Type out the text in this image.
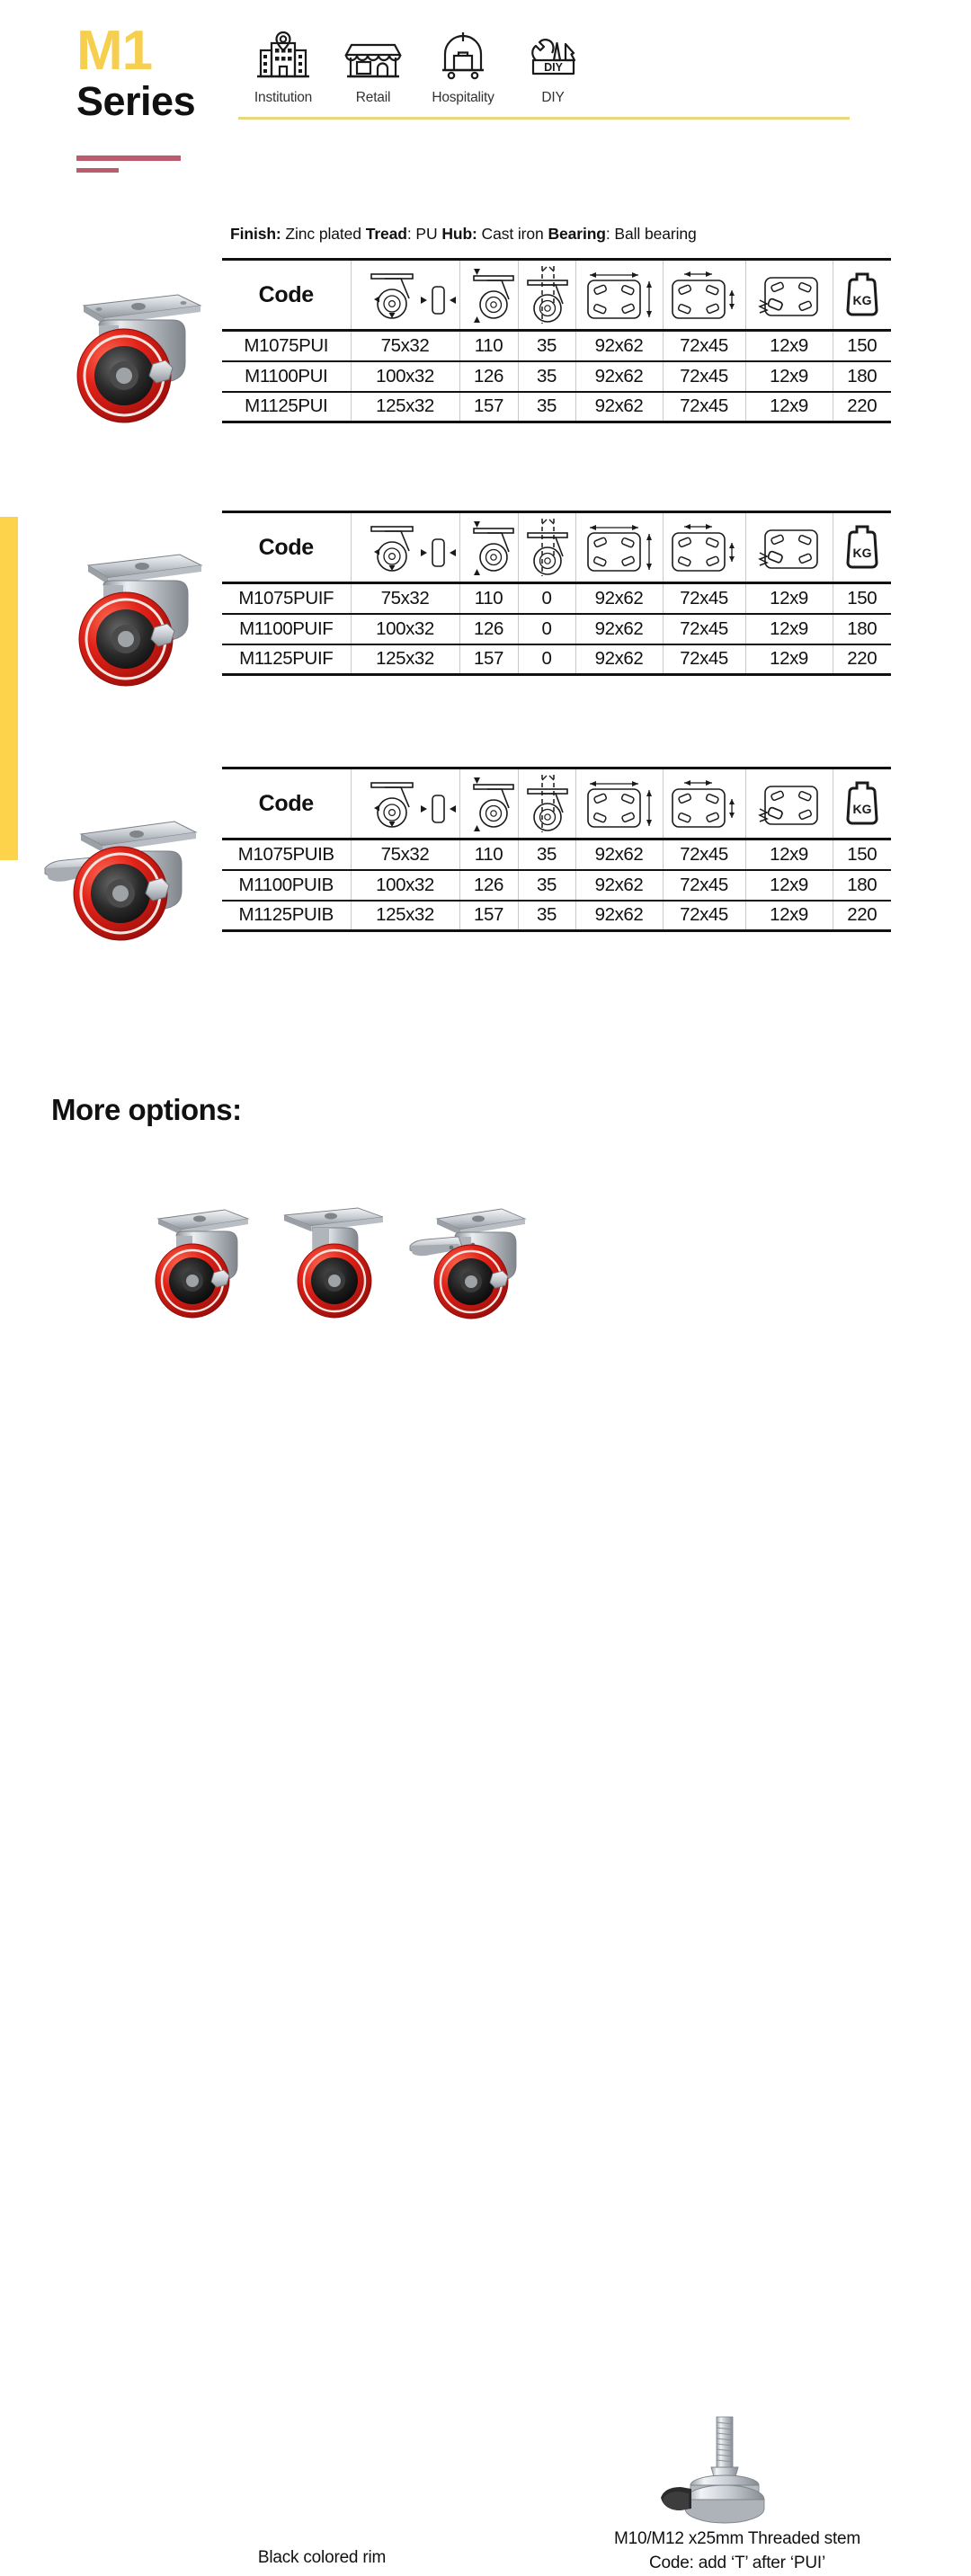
M1
Series	Institution	Retail	Hospitality
DIY
DIY
Finish: Zinc plated Tread: PU Hub: Cast iron Bearing: Ball bearing
Code							KG

M1075PUI	75x32	110	35	92x62	72x45	12x9	150
M1100PUI	100x32	126	35	92x62	72x45	12x9	180
M1125PUI	125x32	157	35	92x62	72x45	12x9	220
Code							KG

M1075PUIF	75x32	110	0	92x62	72x45	12x9	150
M1100PUIF	100x32	126	0	92x62	72x45	12x9	180
M1125PUIF	125x32	157	0	92x62	72x45	12x9	220
Code							KG

M1075PUIB	75x32	110	35	92x62	72x45	12x9	150
M1100PUIB	100x32	126	35	92x62	72x45	12x9	180
M1125PUIB	125x32	157	35	92x62	72x45	12x9	220
More options:
Black colored rim
M10/M12 x25mm Threaded stem
Code: add ‘T’ after ‘PUI’
